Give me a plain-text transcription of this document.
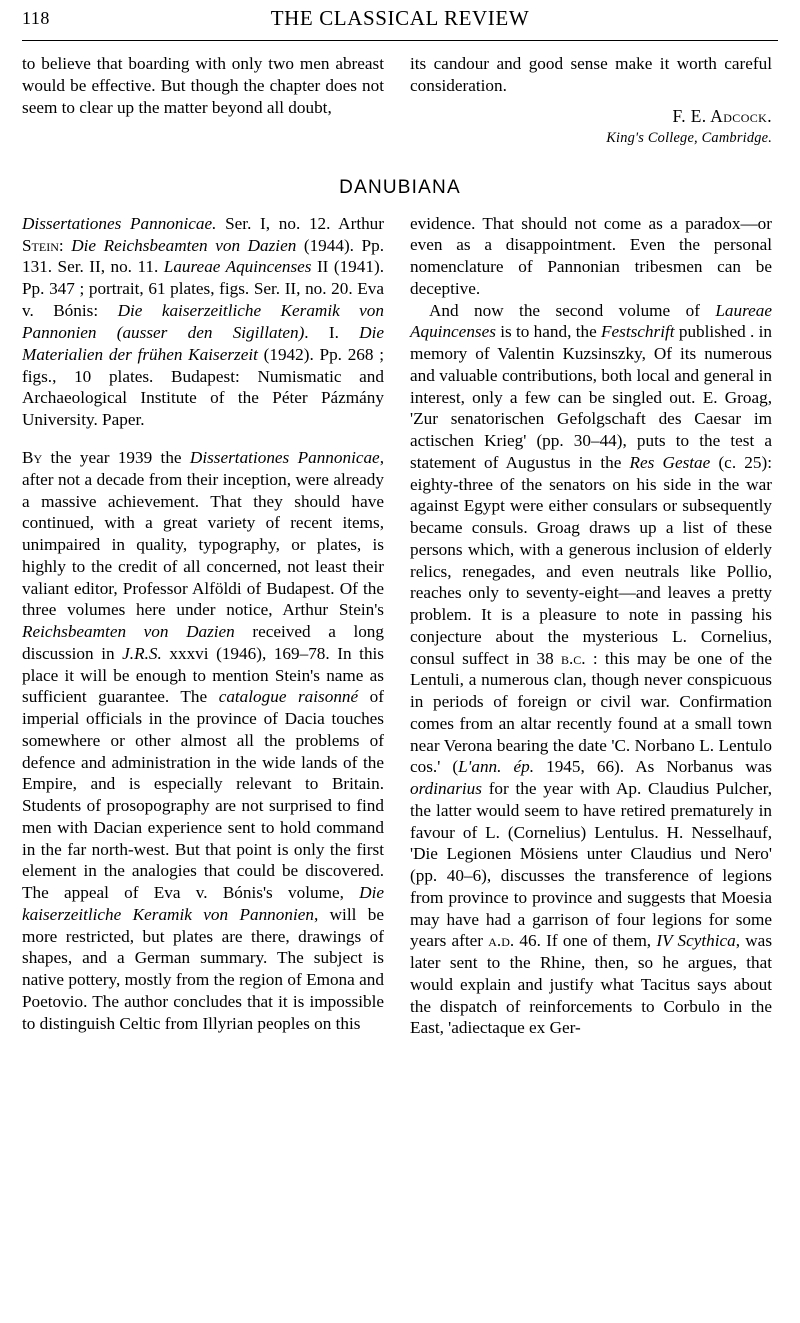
118	THE CLASSICAL REVIEW

to believe that boarding with only two men abreast would be effective. But though the chapter does not seem to clear up the matter beyond all doubt,

its candour and good sense make it worth careful consideration.

F. E. Adcock.
King's College, Cambridge.
DANUBIANA
Dissertationes Pannonicae. Ser. I, no. 12. Arthur Stein: Die Reichsbeamten von Dazien (1944). Pp. 131. Ser. II, no. 11. Laureae Aquincenses II (1941). Pp. 347 ; portrait, 61 plates, figs. Ser. II, no. 20. Eva v. Bónis: Die kaiserzeitliche Keramik von Pannonien (ausser den Sigillaten). I. Die Materialien der frühen Kaiserzeit (1942). Pp. 268 ; figs., 10 plates. Budapest: Numismatic and Archaeological Institute of the Péter Pázmány University. Paper.

By the year 1939 the Dissertationes Pannonicae, after not a decade from their inception, were already a massive achievement. That they should have continued, with a great variety of recent items, unimpaired in quality, typography, or plates, is highly to the credit of all concerned, not least their valiant editor, Professor Alföldi of Budapest. Of the three volumes here under notice, Arthur Stein's Reichsbeamten von Dazien received a long discussion in J.R.S. xxxvi (1946), 169–78. In this place it will be enough to mention Stein's name as sufficient guarantee. The catalogue raisonné of imperial officials in the province of Dacia touches somewhere or other almost all the problems of defence and administration in the wide lands of the Empire, and is especially relevant to Britain. Students of prosopography are not surprised to find men with Dacian experience sent to hold command in the far north-west. But that point is only the first element in the analogies that could be discovered. The appeal of Eva v. Bónis's volume, Die kaiserzeitliche Keramik von Pannonien, will be more restricted, but plates are there, drawings of shapes, and a German summary. The subject is native pottery, mostly from the region of Emona and Poetovio. The author concludes that it is impossible to distinguish Celtic from Illyrian peoples on this

evidence. That should not come as a paradox—or even as a disappointment. Even the personal nomenclature of Pannonian tribesmen can be deceptive.

And now the second volume of Laureae Aquincenses is to hand, the Festschrift published . in memory of Valentin Kuzsinszky, Of its numerous and valuable contributions, both local and general in interest, only a few can be singled out. E. Groag, 'Zur senatorischen Gefolgschaft des Caesar im actischen Krieg' (pp. 30–44), puts to the test a statement of Augustus in the Res Gestae (c. 25): eighty-three of the senators on his side in the war against Egypt were either consulars or subsequently became consuls. Groag draws up a list of these persons which, with a generous inclusion of elderly relics, renegades, and even neutrals like Pollio, reaches only to seventy-eight—and leaves a pretty problem. It is a pleasure to note in passing his conjecture about the mysterious L. Cornelius, consul suffect in 38 b.c. : this may be one of the Lentuli, a numerous clan, though never conspicuous in periods of foreign or civil war. Confirmation comes from an altar recently found at a small town near Verona bearing the date 'C. Norbano L. Lentulo cos.' (L'ann. ép. 1945, 66). As Norbanus was ordinarius for the year with Ap. Claudius Pulcher, the latter would seem to have retired prematurely in favour of L. (Cornelius) Lentulus. H. Nesselhauf, 'Die Legionen Mösiens unter Claudius und Nero' (pp. 40–6), discusses the transference of legions from province to province and suggests that Moesia may have had a garrison of four legions for some years after a.d. 46. If one of them, IV Scythica, was later sent to the Rhine, then, so he argues, that would explain and justify what Tacitus says about the dispatch of reinforcements to Corbulo in the East, 'adiectaque ex Ger-
